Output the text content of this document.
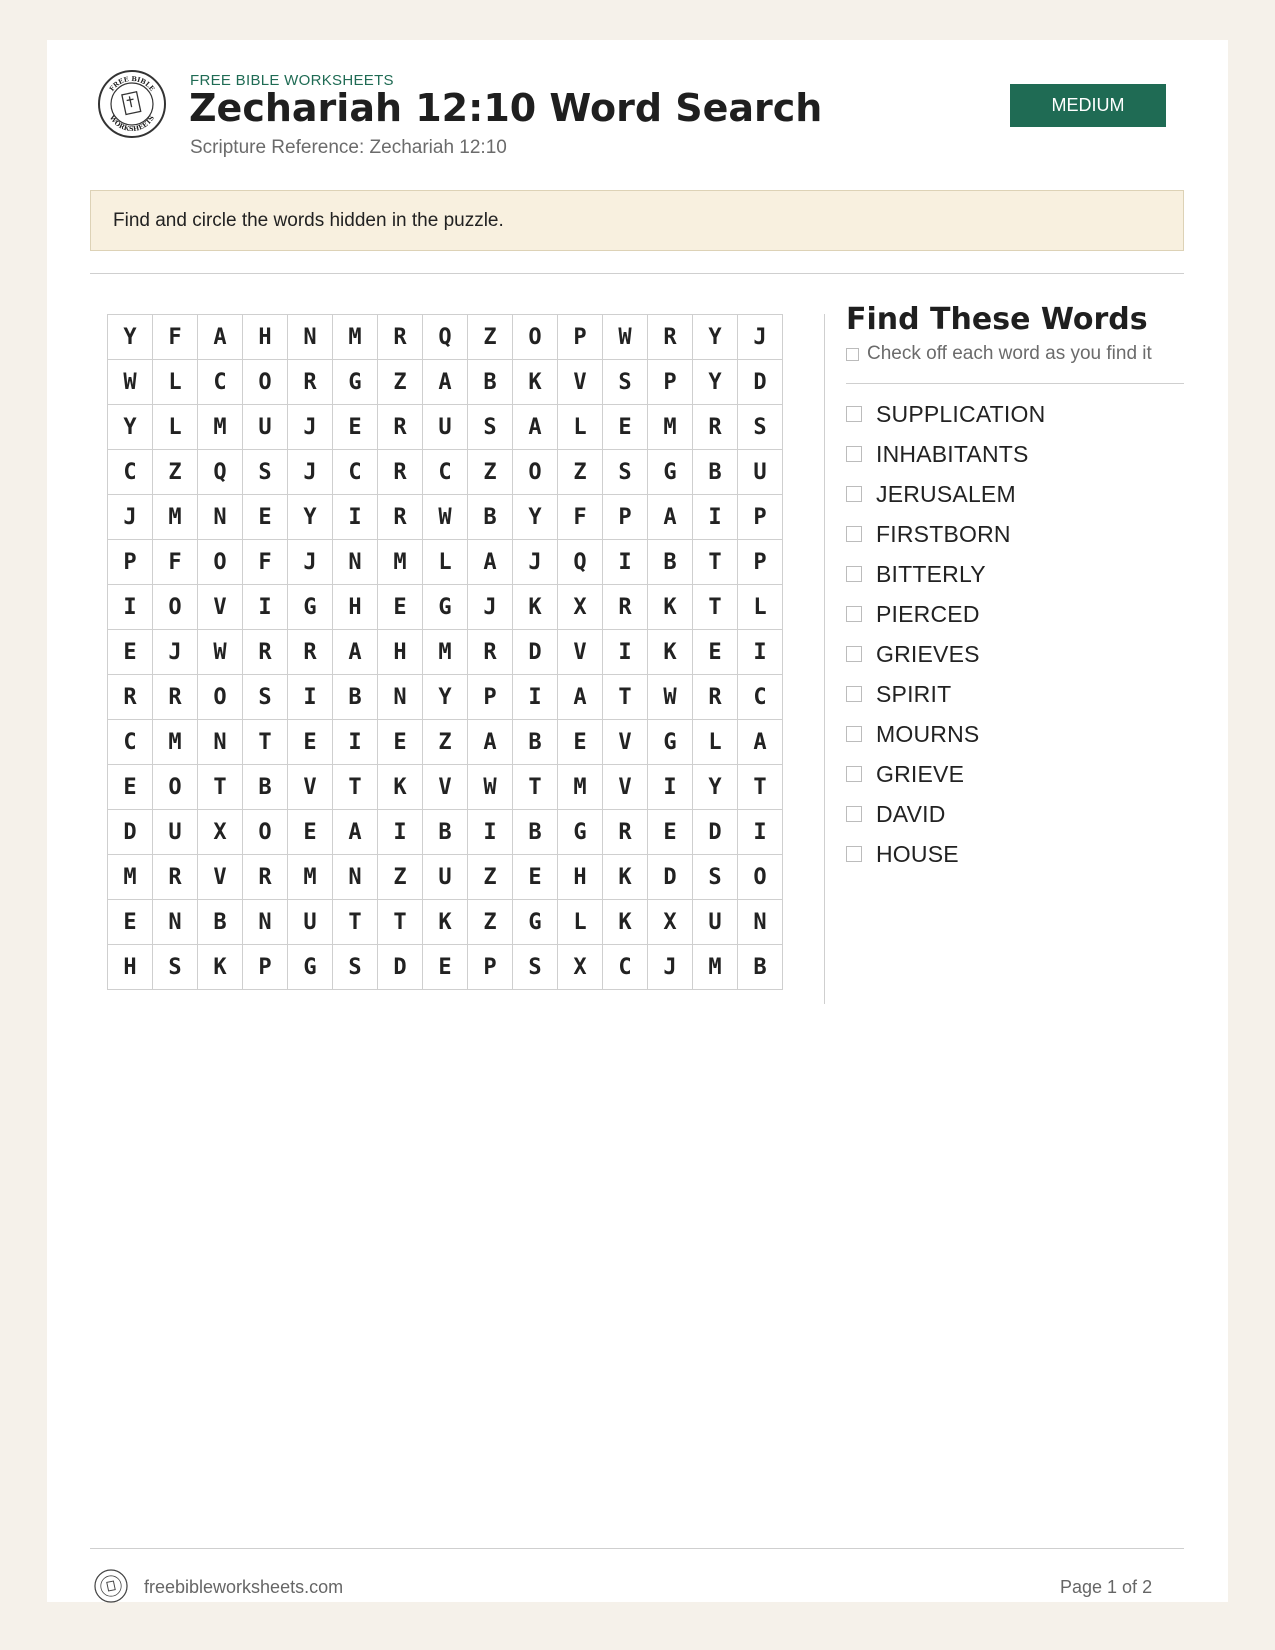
FREE BIBLE
WORKSHEETS
FREE BIBLE WORKSHEETS
Zechariah 12:10 Word Search
Scripture Reference: Zechariah 12:10
MEDIUM
Find and circle the words hidden in the puzzle.
Y	F	A	H	N	M	R	Q	Z	O	P	W	R	Y	J
W	L	C	O	R	G	Z	A	B	K	V	S	P	Y	D
Y	L	M	U	J	E	R	U	S	A	L	E	M	R	S
C	Z	Q	S	J	C	R	C	Z	O	Z	S	G	B	U
J	M	N	E	Y	I	R	W	B	Y	F	P	A	I	P
P	F	O	F	J	N	M	L	A	J	Q	I	B	T	P
I	O	V	I	G	H	E	G	J	K	X	R	K	T	L
E	J	W	R	R	A	H	M	R	D	V	I	K	E	I
R	R	O	S	I	B	N	Y	P	I	A	T	W	R	C
C	M	N	T	E	I	E	Z	A	B	E	V	G	L	A
E	O	T	B	V	T	K	V	W	T	M	V	I	Y	T
D	U	X	O	E	A	I	B	I	B	G	R	E	D	I
M	R	V	R	M	N	Z	U	Z	E	H	K	D	S	O
E	N	B	N	U	T	T	K	Z	G	L	K	X	U	N
H	S	K	P	G	S	D	E	P	S	X	C	J	M	B
Find These Words
Check off each word as you find it
SUPPLICATION
INHABITANTS
JERUSALEM
FIRSTBORN
BITTERLY
PIERCED
GRIEVES
SPIRIT
MOURNS
GRIEVE
DAVID
HOUSE
freebibleworksheets.com	Page 1 of 2
